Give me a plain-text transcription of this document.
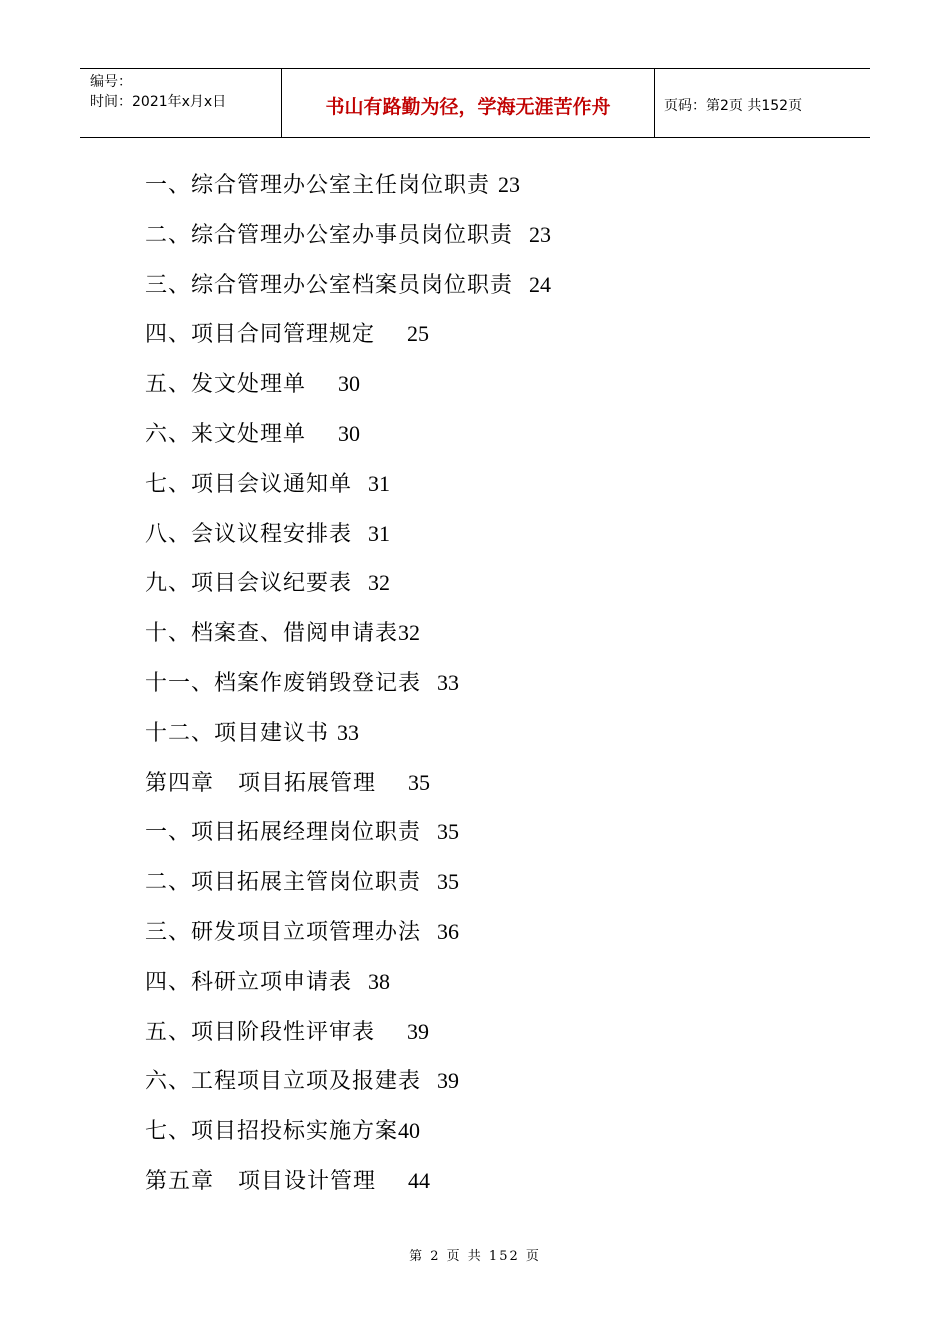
编号：
时间：2021年x月x日	书山有路勤为径，学海无涯苦作舟	页码：第2页 共152页
一、综合管理办公室主任岗位职责 23
二、综合管理办公室办事员岗位职责  23
三、综合管理办公室档案员岗位职责  24
四、项目合同管理规定    25
五、发文处理单    30
六、来文处理单    30
七、项目会议通知单  31
八、会议议程安排表  31
九、项目会议纪要表  32
十、档案查、借阅申请表32
十一、档案作废销毁登记表  33
十二、项目建议书 33
第四章   项目拓展管理    35
一、项目拓展经理岗位职责  35
二、项目拓展主管岗位职责  35
三、研发项目立项管理办法  36
四、科研立项申请表  38
五、项目阶段性评审表    39
六、工程项目立项及报建表  39
七、项目招投标实施方案40
第五章   项目设计管理    44
第 2 页 共 152 页
